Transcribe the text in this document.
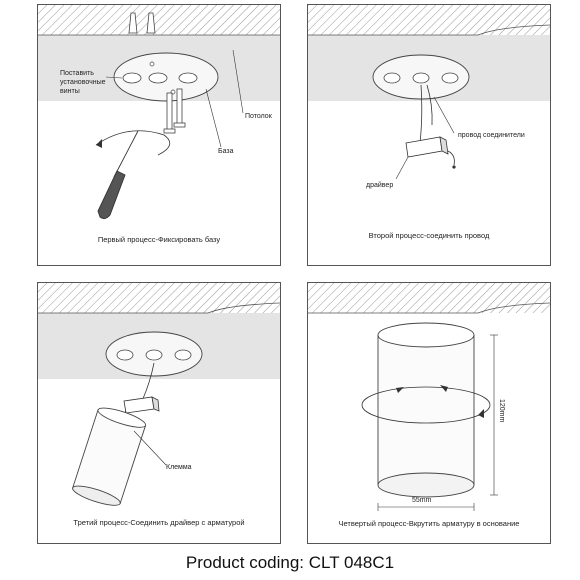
Поставить установочные винты
Потолок
База
Первый процесс-Фиксировать базу
провод соединители
драйвер
Второй процесс-соединить провод
Клемма
Третий процесс-Соединить драйвер с арматурой
120mm
55mm
Четвертый процесс-Вкрутить арматуру в основание
Product coding: CLT 048C1
